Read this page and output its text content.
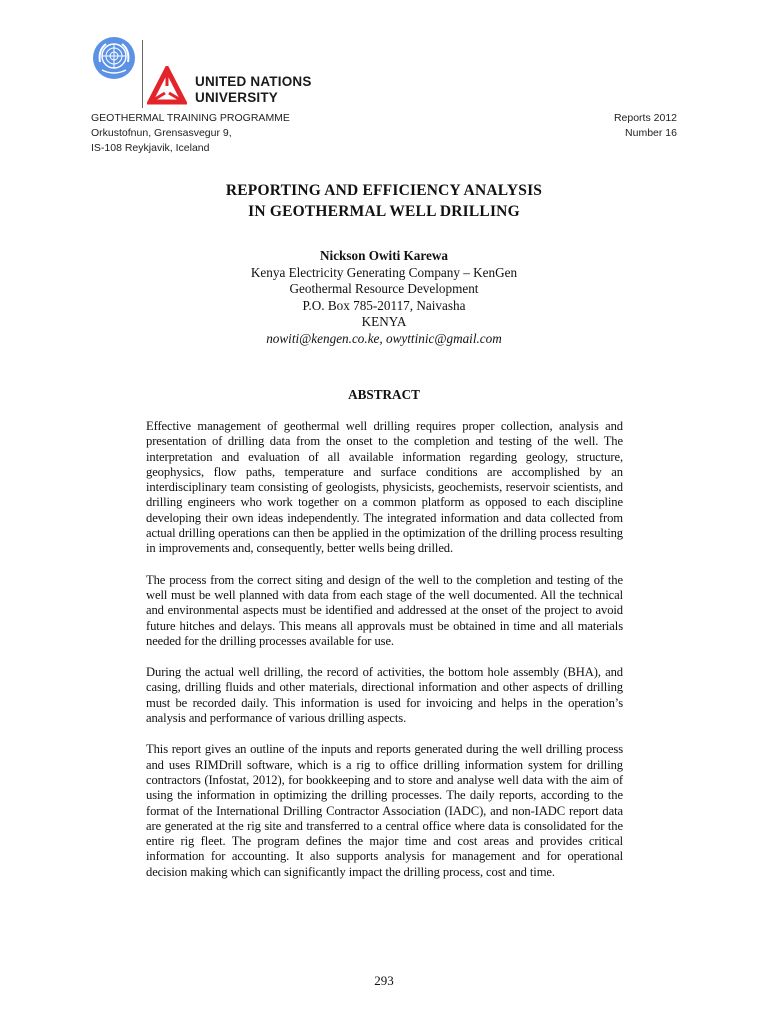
UNITED NATIONS
UNIVERSITY
GEOTHERMAL TRAINING PROGRAMME
Orkustofnun, Grensasvegur 9,
IS-108 Reykjavik, Iceland
Reports 2012
Number 16
REPORTING AND EFFICIENCY ANALYSIS
IN GEOTHERMAL WELL DRILLING
Nickson Owiti Karewa
Kenya Electricity Generating Company – KenGen
Geothermal Resource Development
P.O. Box 785-20117, Naivasha
KENYA
nowiti@kengen.co.ke, owyttinic@gmail.com
ABSTRACT

Effective management of geothermal well drilling requires proper collection, analysis and presentation of drilling data from the onset to the completion and testing of the well. The interpretation and evaluation of all available information regarding geology, structure, geophysics, flow paths, temperature and surface conditions are accomplished by an interdisciplinary team consisting of geologists, physicists, geochemists, reservoir scientists, and drilling engineers who work together on a common platform as opposed to each discipline developing their own ideas independently. The integrated information and data collected from actual drilling operations can then be applied in the optimization of the drilling process resulting in improvements and, consequently, better wells being drilled.

The process from the correct siting and design of the well to the completion and testing of the well must be well planned with data from each stage of the well documented. All the technical and environmental aspects must be identified and addressed at the onset of the project to avoid future hitches and delays. This means all approvals must be obtained in time and all materials needed for the drilling processes available for use.

During the actual well drilling, the record of activities, the bottom hole assembly (BHA), and casing, drilling fluids and other materials, directional information and other aspects of drilling must be recorded daily. This information is used for invoicing and helps in the operation’s analysis and performance of various drilling aspects.

This report gives an outline of the inputs and reports generated during the well drilling process and uses RIMDrill software, which is a rig to office drilling information system for drilling contractors (Infostat, 2012), for bookkeeping and to store and analyse well data with the aim of using the information in optimizing the drilling processes. The daily reports, according to the format of the International Drilling Contractor Association (IADC), and non-IADC report data are generated at the rig site and transferred to a central office where data is consolidated for the entire rig fleet. The program defines the major time and cost areas and provides critical information for accounting. It also supports analysis for management and for operational decision making which can significantly impact the drilling process, cost and time.

293
